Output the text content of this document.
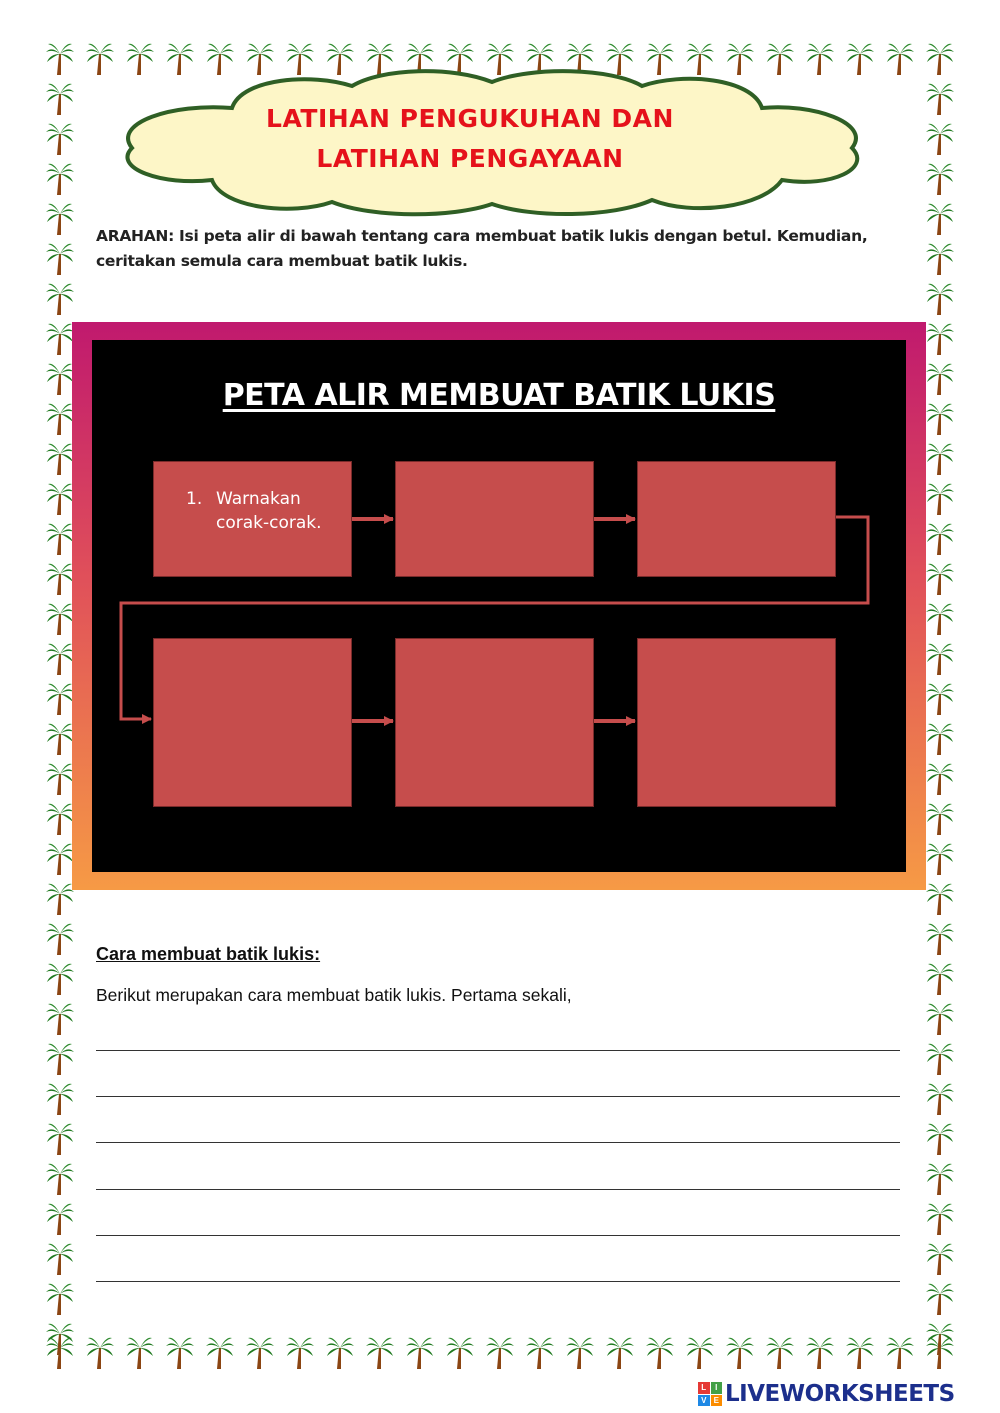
LATIHAN PENGUKUHAN DAN
LATIHAN PENGAYAAN
ARAHAN: Isi peta alir di bawah tentang cara membuat batik lukis dengan betul. Kemudian, ceritakan semula cara membuat batik lukis.
PETA ALIR MEMBUAT BATIK LUKIS
1. Warnakan
corak-corak.
Cara membuat batik lukis:
Berikut merupakan cara membuat batik lukis. Pertama sekali,
L	I
V E LIVEWORKSHEETS
